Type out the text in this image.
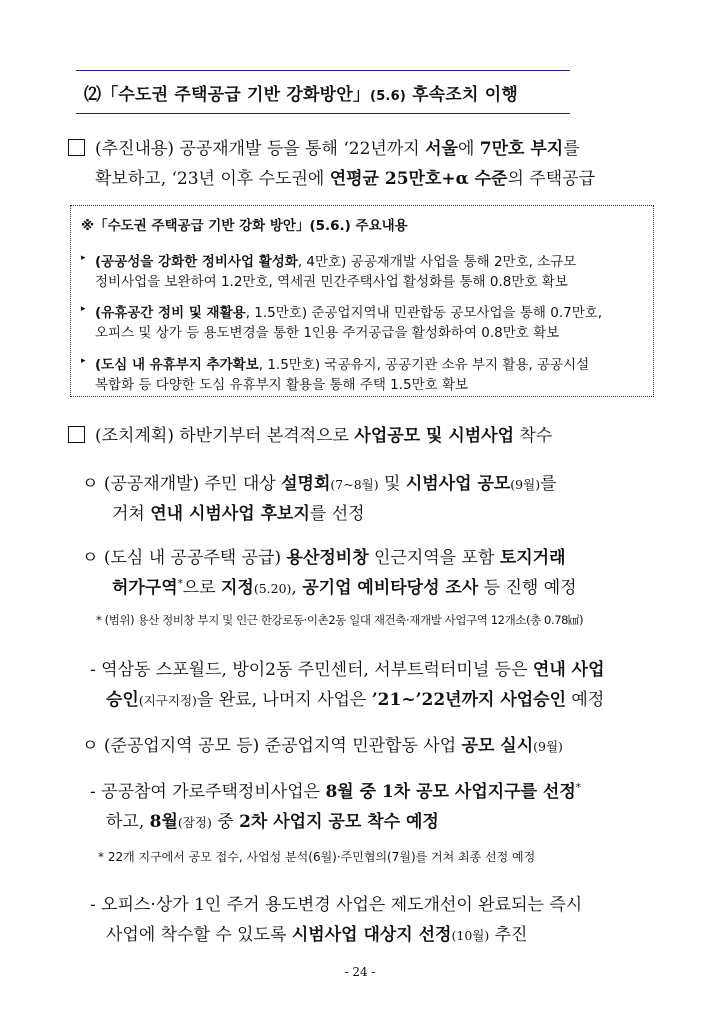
⑵「수도권 주택공급 기반 강화방안」(5.6) 후속조치 이행
(추진내용) 공공재개발 등을 통해 ‘22년까지 서울에 7만호 부지를
확보하고, ‘23년 이후 수도권에 연평균 25만호+α 수준의 주택공급
※「수도권 주택공급 기반 강화 방안」(5.6.) 주요내용
▸ (공공성을 강화한 정비사업 활성화, 4만호) 공공재개발 사업을 통해 2만호, 소규모
정비사업을 보완하여 1.2만호, 역세권 민간주택사업 활성화를 통해 0.8만호 확보
▸ (유휴공간 정비 및 재활용, 1.5만호) 준공업지역내 민관합동 공모사업을 통해 0.7만호,
오피스 및 상가 등 용도변경을 통한 1인용 주거공급을 활성화하여 0.8만호 확보
▸ (도심 내 유휴부지 추가확보, 1.5만호) 국공유지, 공공기관 소유 부지 활용, 공공시설
복합화 등 다양한 도심 유휴부지 활용을 통해 주택 1.5만호 확보
(조치계획) 하반기부터 본격적으로 사업공모 및 시범사업 착수
ㅇ (공공재개발) 주민 대상 설명회(7~8월) 및 시범사업 공모(9월)를
거쳐 연내 시범사업 후보지를 선정
ㅇ (도심 내 공공주택 공급) 용산정비창 인근지역을 포함 토지거래
허가구역*으로 지정(5.20), 공기업 예비타당성 조사 등 진행 예정
* (범위) 용산 정비창 부지 및 인근 한강로동·이촌2동 일대 재건축·재개발 사업구역 12개소(총 0.78㎢)
- 역삼동 스포월드, 방이2동 주민센터, 서부트럭터미널 등은 연내 사업
승인(지구지정)을 완료, 나머지 사업은 ’21~’22년까지 사업승인 예정
ㅇ (준공업지역 공모 등) 준공업지역 민관합동 사업 공모 실시(9월)
- 공공참여 가로주택정비사업은 8월 중 1차 공모 사업지구를 선정*
하고, 8월(잠정) 중 2차 사업지 공모 착수 예정
* 22개 지구에서 공모 접수, 사업성 분석(6월)·주민협의(7월)를 거쳐 최종 선정 예정
- 오피스·상가 1인 주거 용도변경 사업은 제도개선이 완료되는 즉시
사업에 착수할 수 있도록 시범사업 대상지 선정(10월) 추진
- 24 -
